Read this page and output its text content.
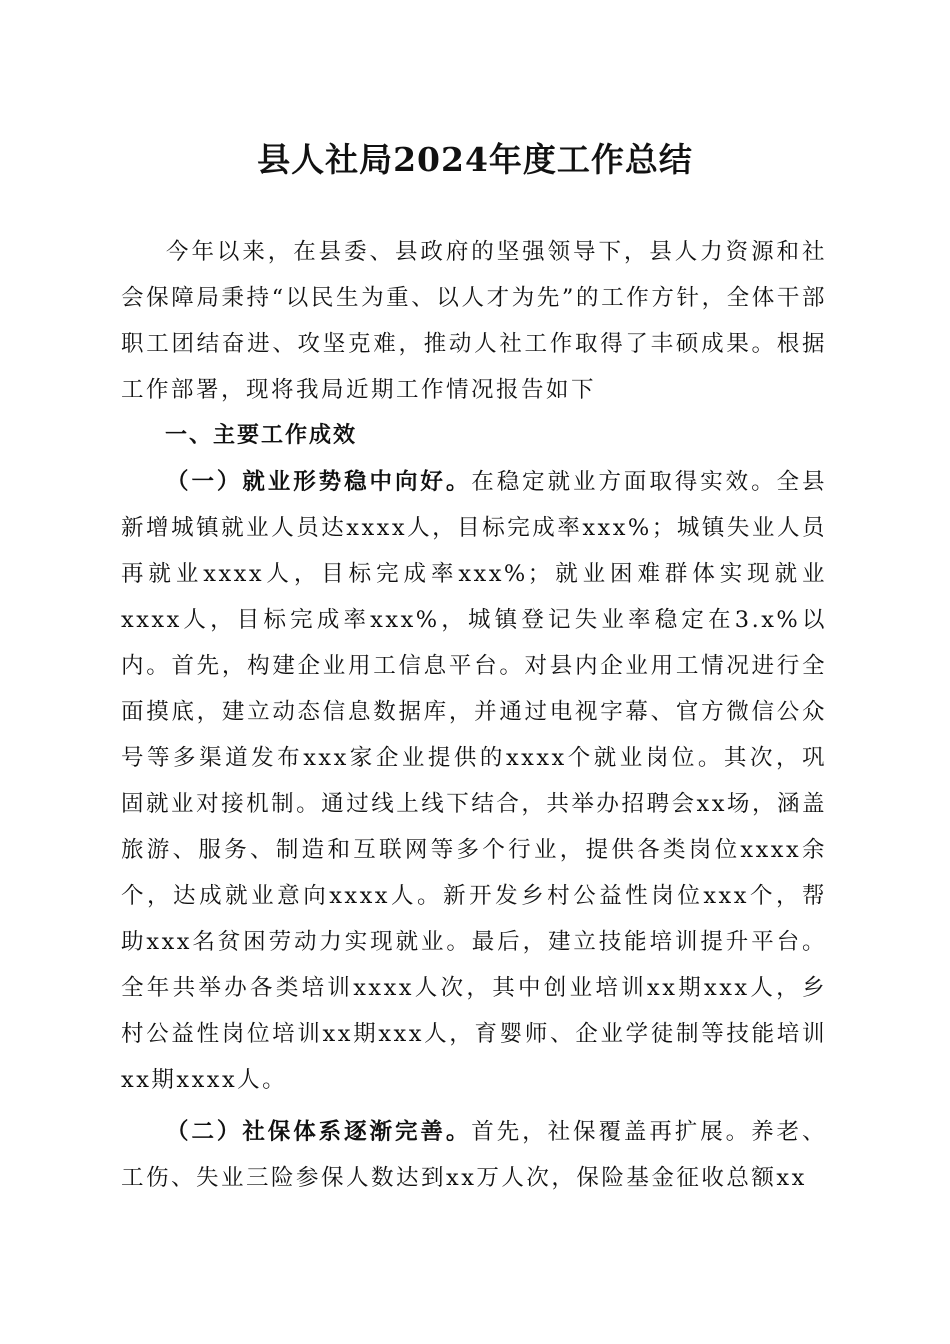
县人社局2024年度工作总结

今年以来，在县委、县政府的坚强领导下，县人力资源和社会保障局秉持“以民生为重、以人才为先”的工作方针，全体干部职工团结奋进、攻坚克难，推动人社工作取得了丰硕成果。根据工作部署，现将我局近期工作情况报告如下

一、主要工作成效

（一）就业形势稳中向好。在稳定就业方面取得实效。全县新增城镇就业人员达xxxx人，目标完成率xxx%；城镇失业人员再就业xxxx人，目标完成率xxx%；就业困难群体实现就业xxxx人，目标完成率xxx%，城镇登记失业率稳定在3.x%以内。首先，构建企业用工信息平台。对县内企业用工情况进行全面摸底，建立动态信息数据库，并通过电视字幕、官方微信公众号等多渠道发布xxx家企业提供的xxxx个就业岗位。其次，巩固就业对接机制。通过线上线下结合，共举办招聘会xx场，涵盖旅游、服务、制造和互联网等多个行业，提供各类岗位xxxx余个，达成就业意向xxxx人。新开发乡村公益性岗位xxx个，帮助xxx名贫困劳动力实现就业。最后，建立技能培训提升平台。全年共举办各类培训xxxx人次，其中创业培训xx期xxx人，乡村公益性岗位培训xx期xxx人，育婴师、企业学徒制等技能培训xx期xxxx人。

（二）社保体系逐渐完善。首先，社保覆盖再扩展。养老、工伤、失业三险参保人数达到xx万人次，保险基金征收总额xx
